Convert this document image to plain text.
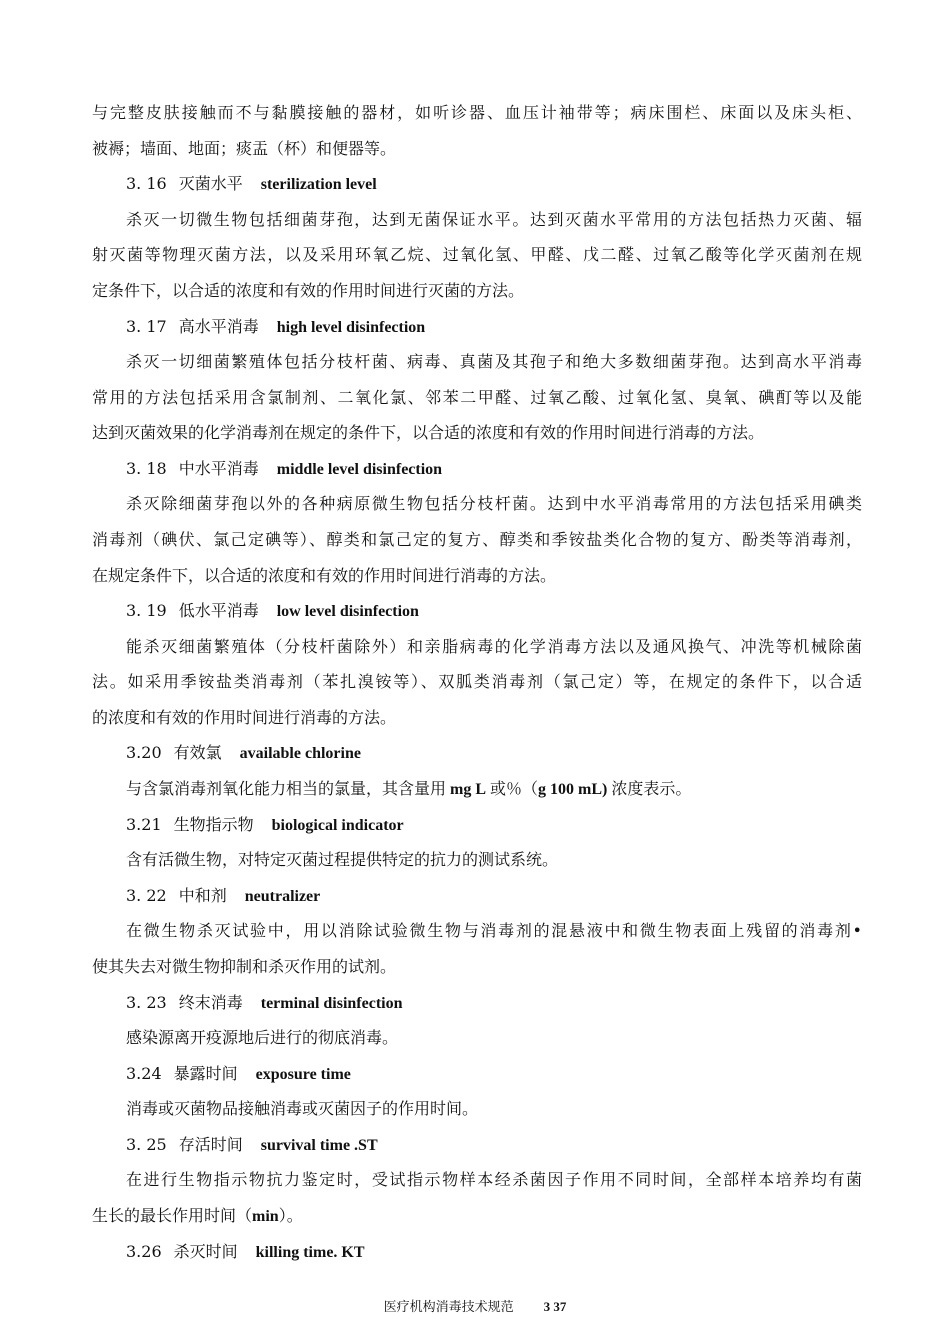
与完整皮肤接触而不与黏膜接触的器材，如听诊器、血压计袖带等；病床围栏、床面以及床头柜、
被褥；墙面、地面；痰盂（杯）和便器等。
3. 16 灭菌水平 sterilization level
杀灭一切微生物包括细菌芽孢，达到无菌保证水平。达到灭菌水平常用的方法包括热力灭菌、辐
射灭菌等物理灭菌方法，以及采用环氧乙烷、过氧化氢、甲醛、戊二醛、过氧乙酸等化学灭菌剂在规
定条件下，以合适的浓度和有效的作用时间进行灭菌的方法。
3. 17 高水平消毒 high level disinfection
杀灭一切细菌繁殖体包括分枝杆菌、病毒、真菌及其孢子和绝大多数细菌芽孢。达到高水平消毒
常用的方法包括采用含氯制剂、二氧化氯、邻苯二甲醛、过氧乙酸、过氧化氢、臭氧、碘酊等以及能
达到灭菌效果的化学消毒剂在规定的条件下，以合适的浓度和有效的作用时间进行消毒的方法。
3. 18 中水平消毒 middle level disinfection
杀灭除细菌芽孢以外的各种病原微生物包括分枝杆菌。达到中水平消毒常用的方法包括采用碘类
消毒剂（碘伏、氯己定碘等）、醇类和氯己定的复方、醇类和季铵盐类化合物的复方、酚类等消毒剂，
在规定条件下，以合适的浓度和有效的作用时间进行消毒的方法。
3. 19 低水平消毒 low level disinfection
能杀灭细菌繁殖体（分枝杆菌除外）和亲脂病毒的化学消毒方法以及通风换气、冲洗等机械除菌
法。如采用季铵盐类消毒剂（苯扎溴铵等）、双胍类消毒剂（氯己定）等，在规定的条件下，以合适
的浓度和有效的作用时间进行消毒的方法。
3.20 有效氯 available chlorine
与含氯消毒剂氧化能力相当的氯量，其含量用 mg L 或％（g 100 mL) 浓度表示。
3.21 生物指示物 biological indicator
含有活微生物，对特定灭菌过程提供特定的抗力的测试系统。
3. 22 中和剂 neutralizer
在微生物杀灭试验中，用以消除试验微生物与消毒剂的混悬液中和微生物表面上残留的消毒剂•
使其失去对微生物抑制和杀灭作用的试剂。
3. 23 终末消毒 terminal disinfection
感染源离开疫源地后进行的彻底消毒。
3.24 暴露时间 exposure time
消毒或灭菌物品接触消毒或灭菌因子的作用时间。
3. 25 存活时间 survival time .ST
在进行生物指示物抗力鉴定时，受试指示物样本经杀菌因子作用不同时间，全部样本培养均有菌
生长的最长作用时间（min）。
3.26 杀灭时间 killing time. KT
医疗机构消毒技术规范 3 37
